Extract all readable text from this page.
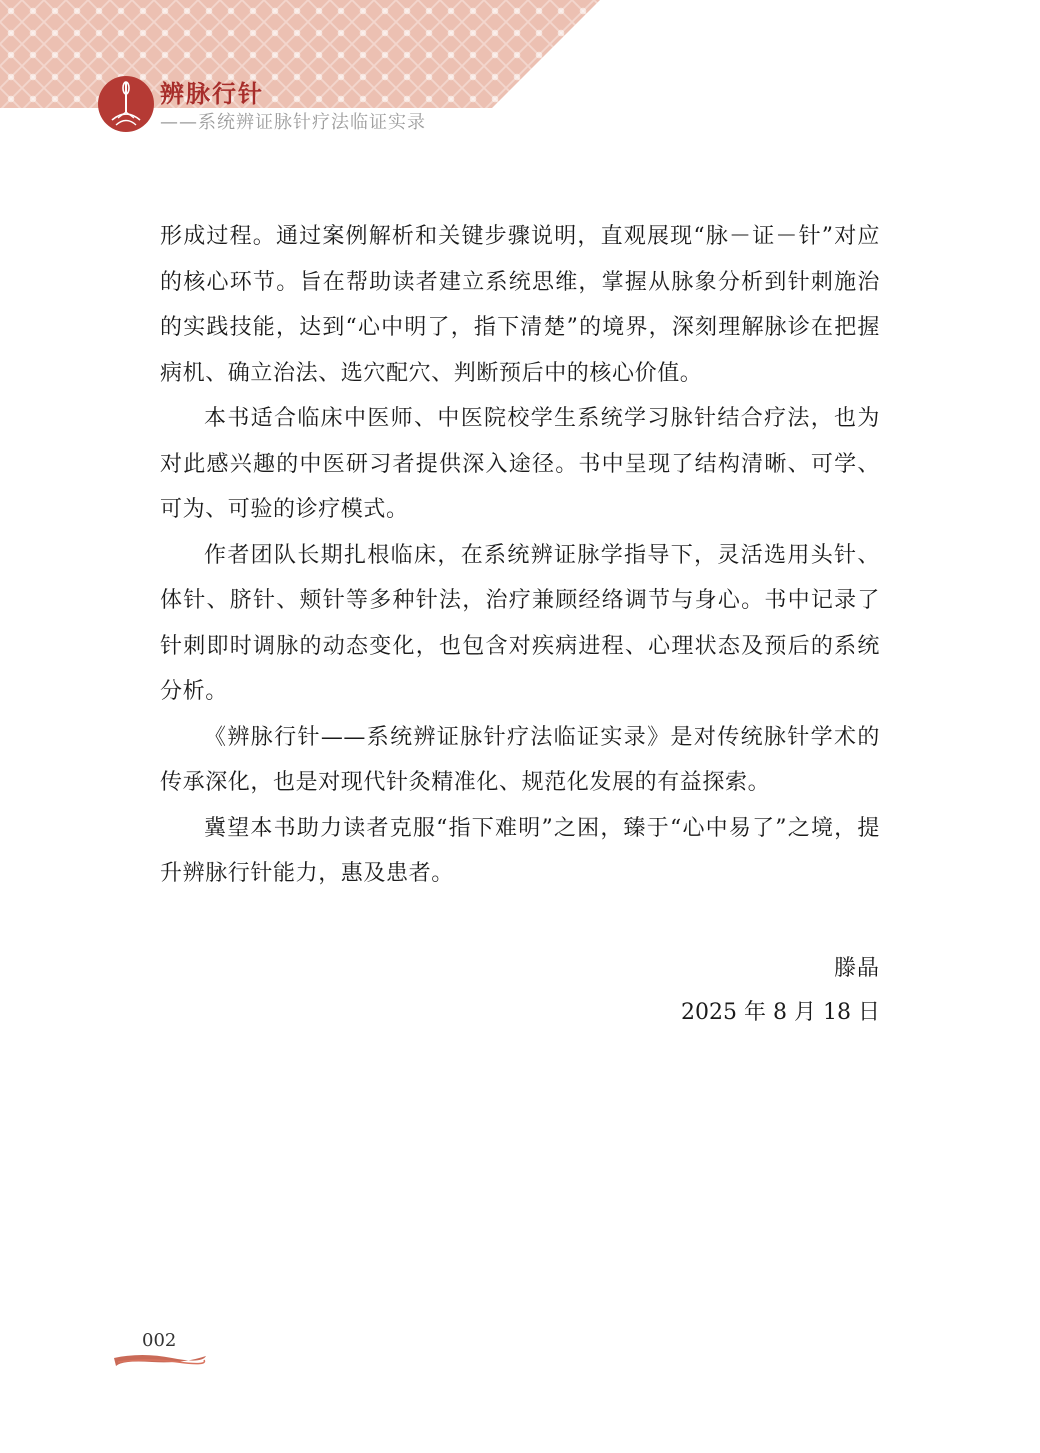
辨脉行针
——系统辨证脉针疗法临证实录

形成过程。通过案例解析和关键步骤说明，直观展现“脉－证－针”对应的核心环节。旨在帮助读者建立系统思维，掌握从脉象分析到针刺施治的实践技能，达到“心中明了，指下清楚”的境界，深刻理解脉诊在把握病机、确立治法、选穴配穴、判断预后中的核心价值。

本书适合临床中医师、中医院校学生系统学习脉针结合疗法，也为对此感兴趣的中医研习者提供深入途径。书中呈现了结构清晰、可学、可为、可验的诊疗模式。

作者团队长期扎根临床，在系统辨证脉学指导下，灵活选用头针、体针、脐针、颊针等多种针法，治疗兼顾经络调节与身心。书中记录了针刺即时调脉的动态变化，也包含对疾病进程、心理状态及预后的系统分析。

《辨脉行针——系统辨证脉针疗法临证实录》是对传统脉针学术的传承深化，也是对现代针灸精准化、规范化发展的有益探索。

冀望本书助力读者克服“指下难明”之困，臻于“心中易了”之境，提升辨脉行针能力，惠及患者。

滕晶
2025 年 8 月 18 日
002
